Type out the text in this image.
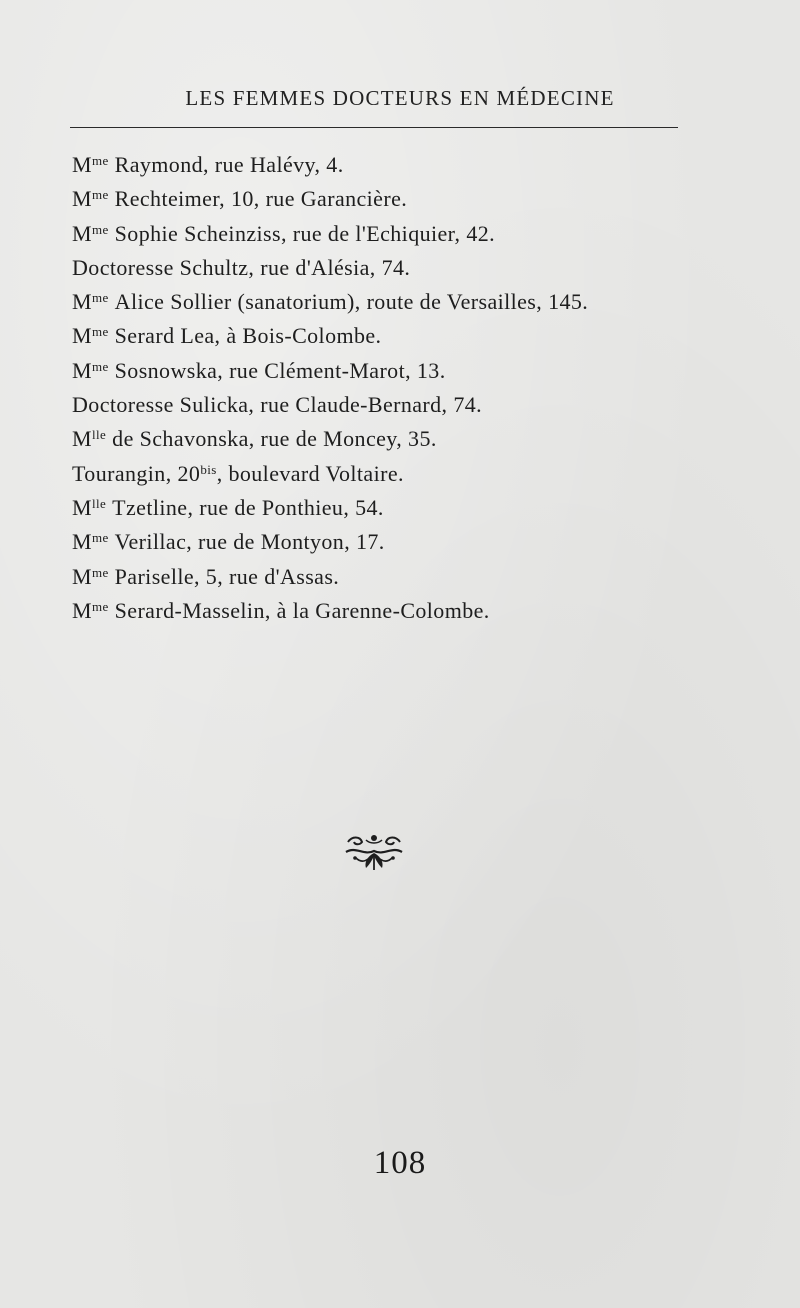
LES FEMMES DOCTEURS EN MÉDECINE
$M^{me}$ Raymond, rue Halévy, 4.
$M^{me}$ Rechteimer, 10, rue Garancière.
$M^{me}$ Sophie Scheinziss, rue de l'Echiquier, 42.
Doctoresse Schultz, rue d'Alésia, 74.
$M^{me}$ Alice Sollier (sanatorium), route de Versailles, 145.
$M^{me}$ Serard Lea, à Bois-Colombe.
$M^{me}$ Sosnowska, rue Clément-Marot, 13.
Doctoresse Sulicka, rue Claude-Bernard, 74.
$M^{lle}$ de Schavonska, rue de Moncey, 35.
Tourangin, $20^{bis}$, boulevard Voltaire.
$M^{lle}$ Tzetline, rue de Ponthieu, 54.
$M^{me}$ Verillac, rue de Montyon, 17.
$M^{me}$ Pariselle, 5, rue d'Assas.
$M^{me}$ Serard-Masselin, à la Garenne-Colombe.
108
